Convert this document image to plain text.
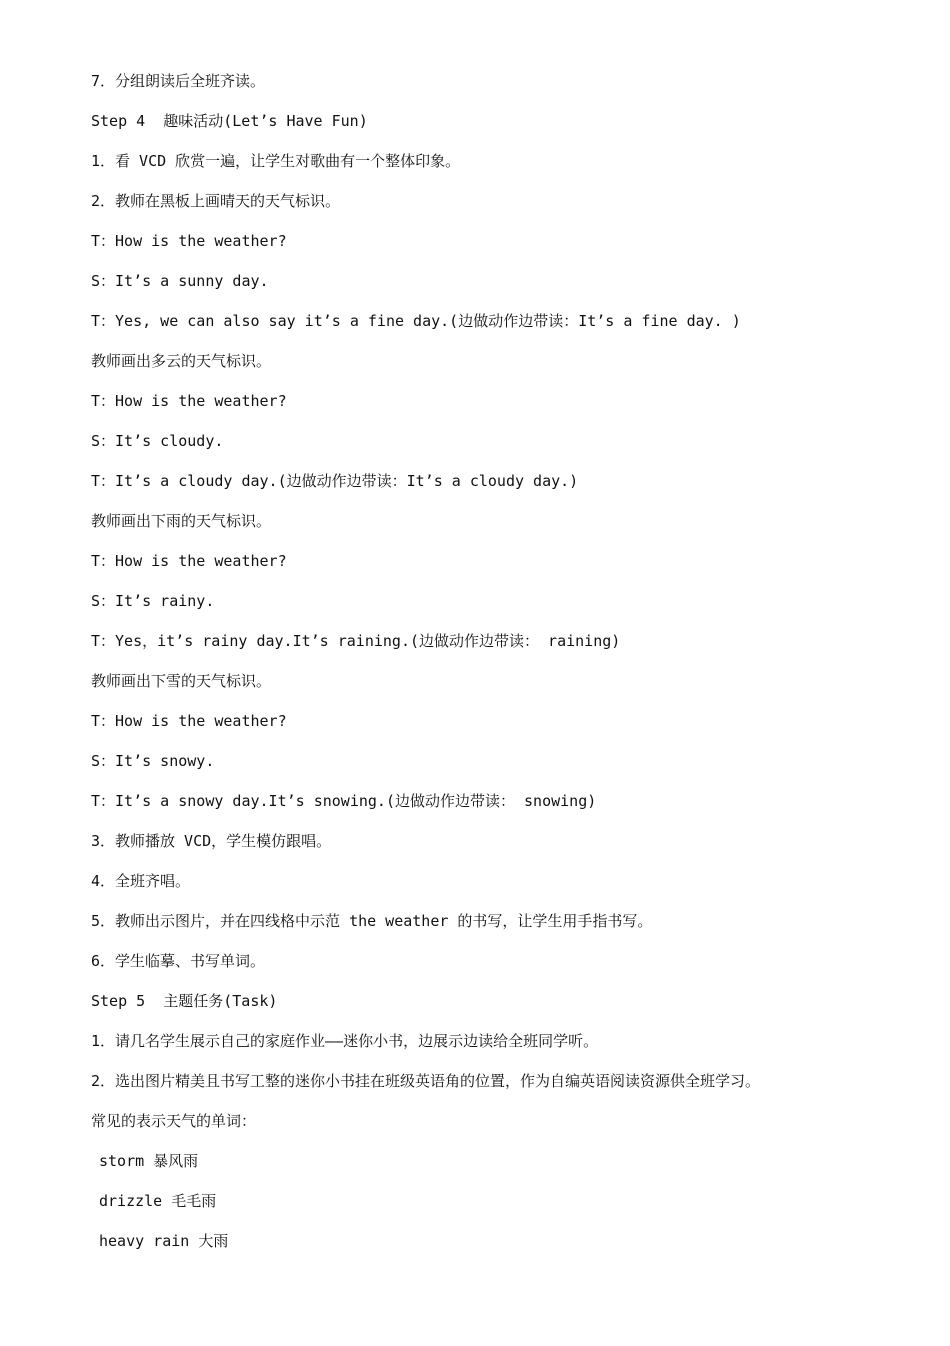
7．分组朗读后全班齐读。
Step 4  趣味活动(Let’s Have Fun)
1．看 VCD 欣赏一遍，让学生对歌曲有一个整体印象。
2．教师在黑板上画晴天的天气标识。
T：How is the weather?
S：It’s a sunny day.
T：Yes, we can also say it’s a fine day.(边做动作边带读：It’s a fine day. )
教师画出多云的天气标识。
T：How is the weather?
S：It’s cloudy.
T：It’s a cloudy day.(边做动作边带读：It’s a cloudy day.)
教师画出下雨的天气标识。
T：How is the weather?
S：It’s rainy.
T：Yes，it’s rainy day.It’s raining.(边做动作边带读： raining)
教师画出下雪的天气标识。
T：How is the weather?
S：It’s snowy.
T：It’s a snowy day.It’s snowing.(边做动作边带读： snowing)
3．教师播放 VCD，学生模仿跟唱。
4．全班齐唱。
5．教师出示图片，并在四线格中示范 the weather 的书写，让学生用手指书写。
6．学生临摹、书写单词。
Step 5  主题任务(Task)
1．请几名学生展示自己的家庭作业——迷你小书，边展示边读给全班同学听。
2．选出图片精美且书写工整的迷你小书挂在班级英语角的位置，作为自编英语阅读资源供全班学习。
常见的表示天气的单词：
storm 暴风雨
drizzle 毛毛雨
heavy rain 大雨
